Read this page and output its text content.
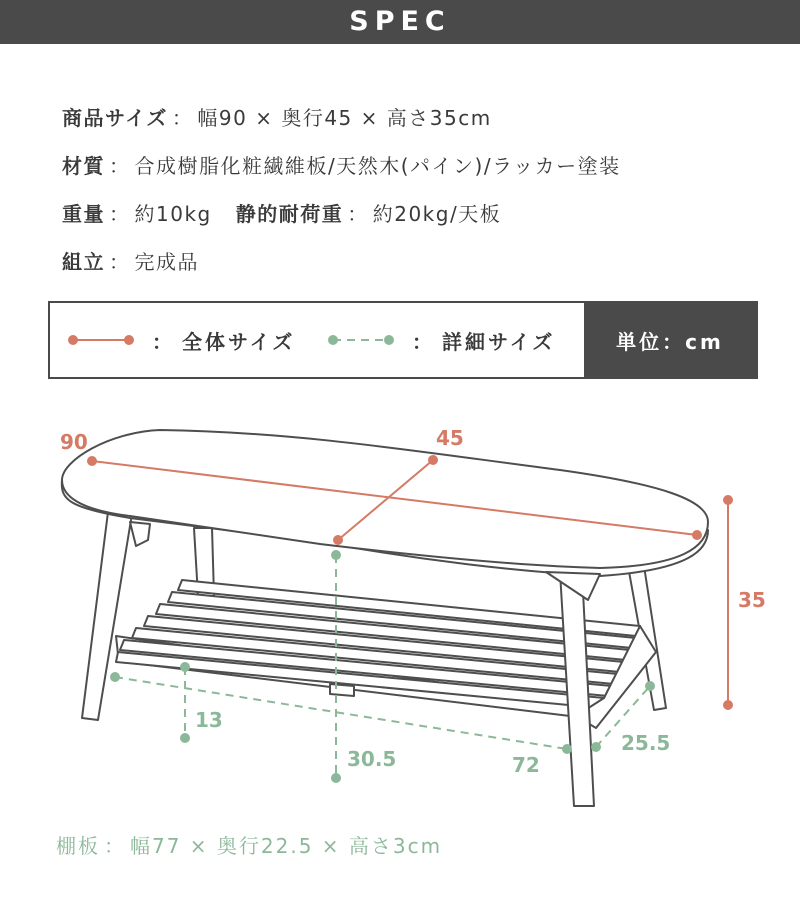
SPEC
商品サイズ ： 幅90 × 奥行45 × 高さ35cm
材質 ： 合成樹脂化粧繊維板/天然木(パイン)/ラッカー塗装
重量 ： 約10kg 静的耐荷重 ： 約20kg/天板
組立 ： 完成品
： 全体サイズ	： 詳細サイズ	単位：cm
90	45
35
13
30.5	72
25.5
棚板 ： 幅77 × 奥行22.5 × 高さ3cm
